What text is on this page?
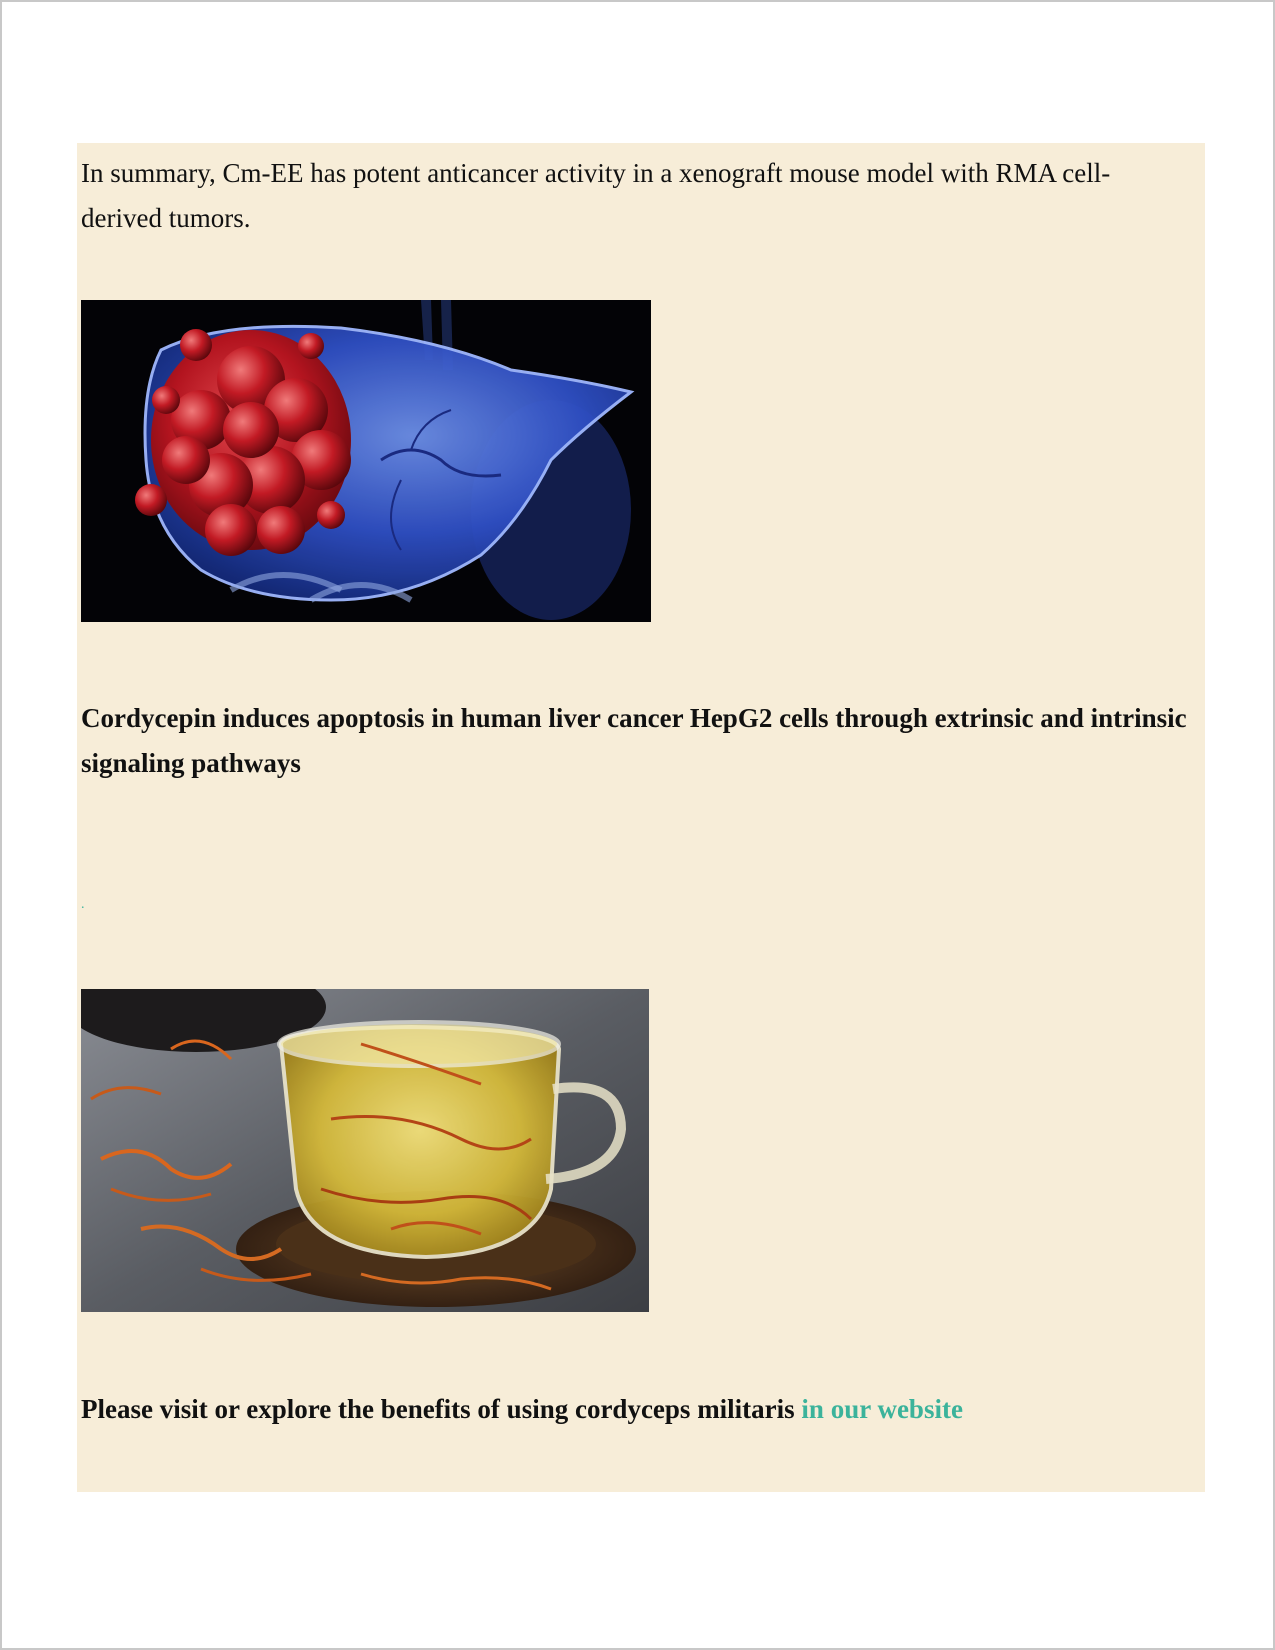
In summary, Cm-EE has potent anticancer activity in a xenograft mouse model with RMA cell-derived tumors.

Cordycepin induces apoptosis in human liver cancer HepG2 cells through extrinsic and intrinsic signaling pathways

.

Please visit or explore the benefits of using cordyceps militaris in our website
